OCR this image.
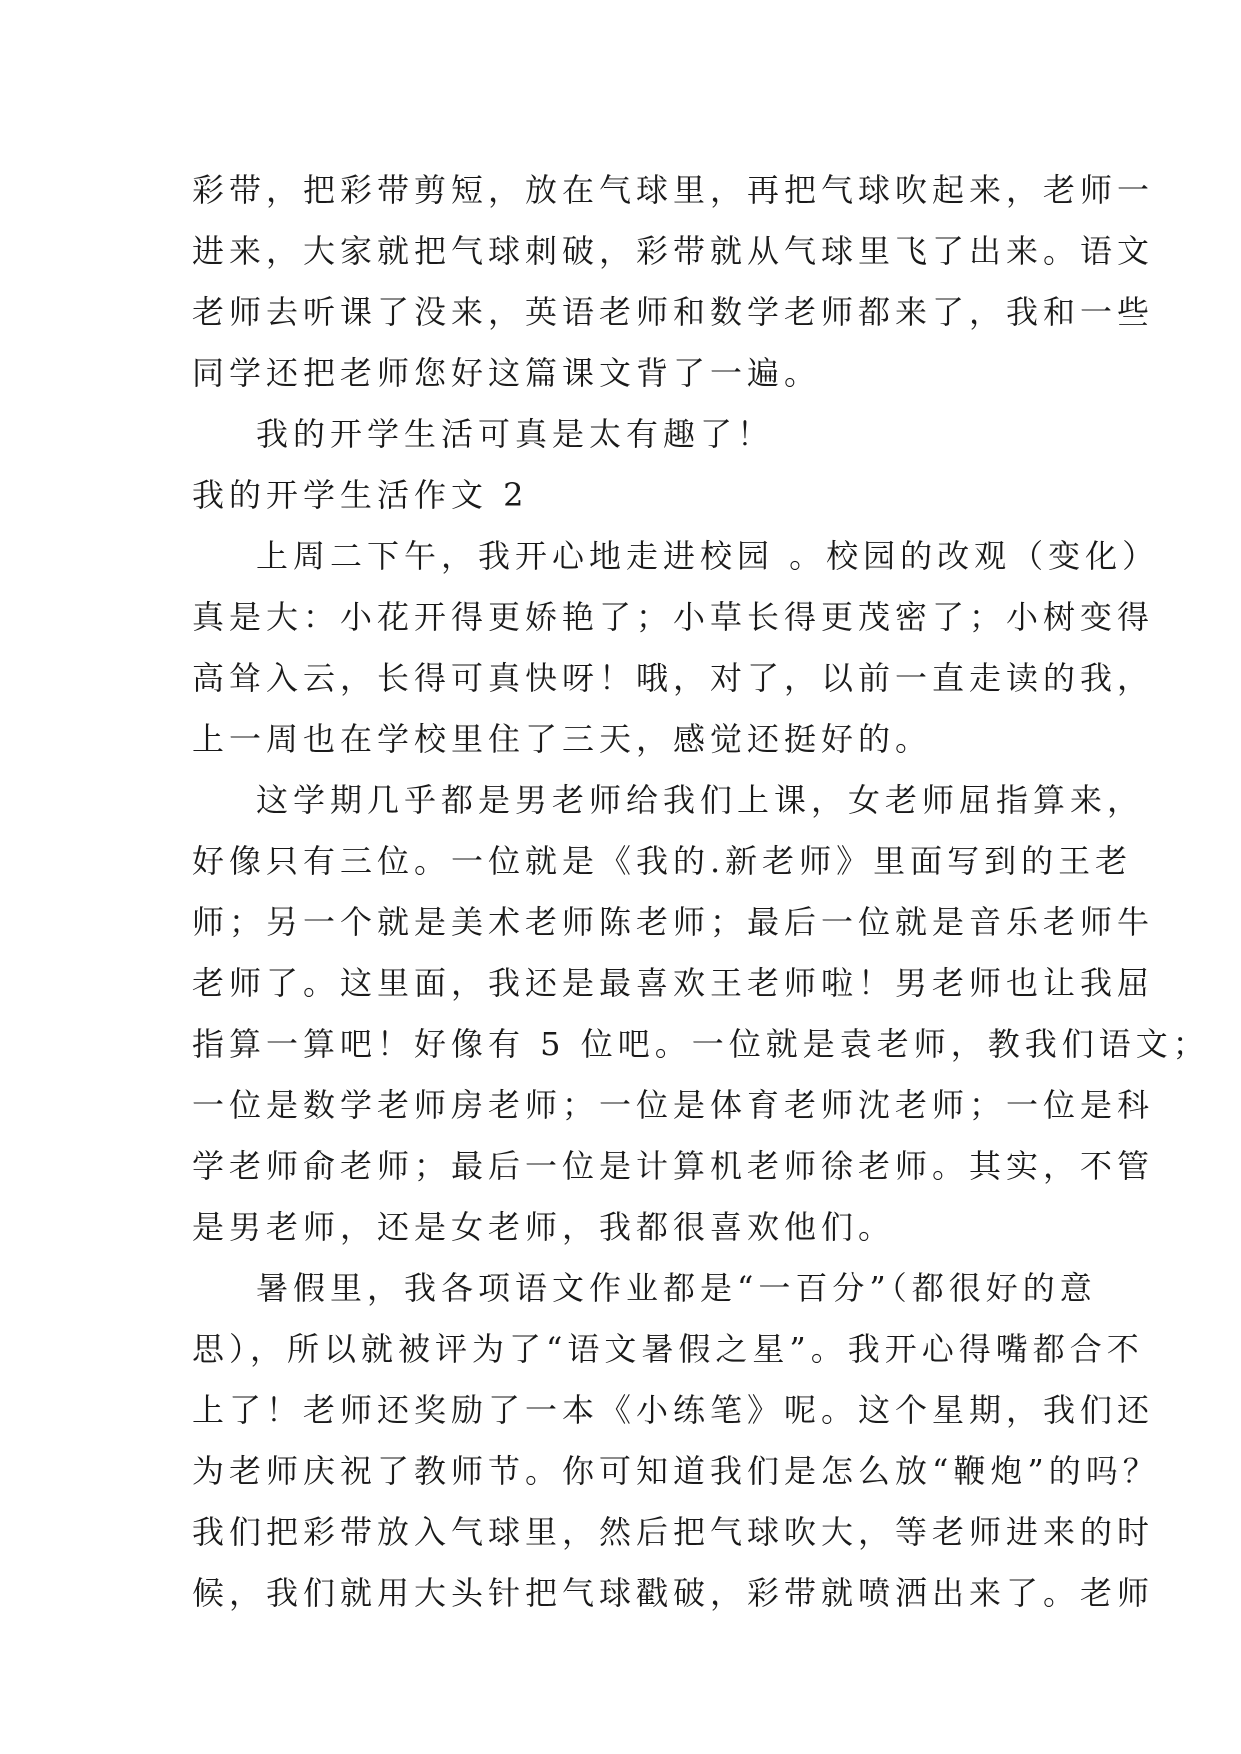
彩带，把彩带剪短，放在气球里，再把气球吹起来，老师一
进来，大家就把气球刺破，彩带就从气球里飞了出来。语文
老师去听课了没来，英语老师和数学老师都来了，我和一些
同学还把老师您好这篇课文背了一遍。
我的开学生活可真是太有趣了！
我的开学生活作文 2
上周二下午，我开心地走进校园 。校园的改观（变化）
真是大：小花开得更娇艳了；小草长得更茂密了；小树变得
高耸入云，长得可真快呀！哦，对了，以前一直走读的我，
上一周也在学校里住了三天，感觉还挺好的。
这学期几乎都是男老师给我们上课，女老师屈指算来，
好像只有三位。一位就是《我的.新老师》里面写到的王老
师；另一个就是美术老师陈老师；最后一位就是音乐老师牛
老师了。这里面，我还是最喜欢王老师啦！男老师也让我屈
指算一算吧！好像有 5 位吧。一位就是袁老师，教我们语文；
一位是数学老师房老师；一位是体育老师沈老师；一位是科
学老师俞老师；最后一位是计算机老师徐老师。其实，不管
是男老师，还是女老师，我都很喜欢他们。
暑假里，我各项语文作业都是“一百分”（都很好的意
思），所以就被评为了“语文暑假之星”。我开心得嘴都合不
上了！老师还奖励了一本《小练笔》呢。这个星期，我们还
为老师庆祝了教师节。你可知道我们是怎么放“鞭炮”的吗？
我们把彩带放入气球里，然后把气球吹大，等老师进来的时
候，我们就用大头针把气球戳破，彩带就喷洒出来了。老师
